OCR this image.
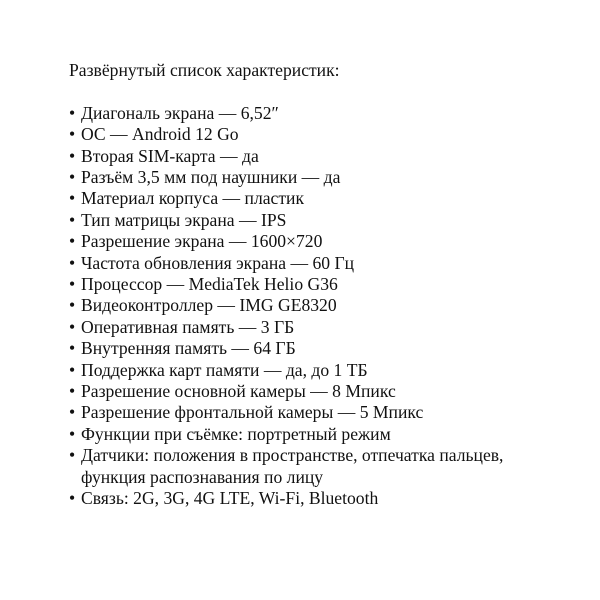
Развёрнутый список характеристик:

• Диагональ экрана — 6,52″
• ОС — Android 12 Go
• Вторая SIM-карта — да
• Разъём 3,5 мм под наушники — да
• Материал корпуса — пластик
• Тип матрицы экрана — IPS
• Разрешение экрана — 1600×720
• Частота обновления экрана — 60 Гц
• Процессор — MediaTek Helio G36
• Видеоконтроллер — IMG GE8320
• Оперативная память — 3 ГБ
• Внутренняя память — 64 ГБ
• Поддержка карт памяти — да, до 1 ТБ
• Разрешение основной камеры — 8 Мпикс
• Разрешение фронтальной камеры — 5 Мпикс
• Функции при съёмке: портретный режим
• Датчики: положения в пространстве, отпечатка пальцев, функция распознавания по лицу
• Связь: 2G, 3G, 4G LTE, Wi-Fi, Bluetooth
